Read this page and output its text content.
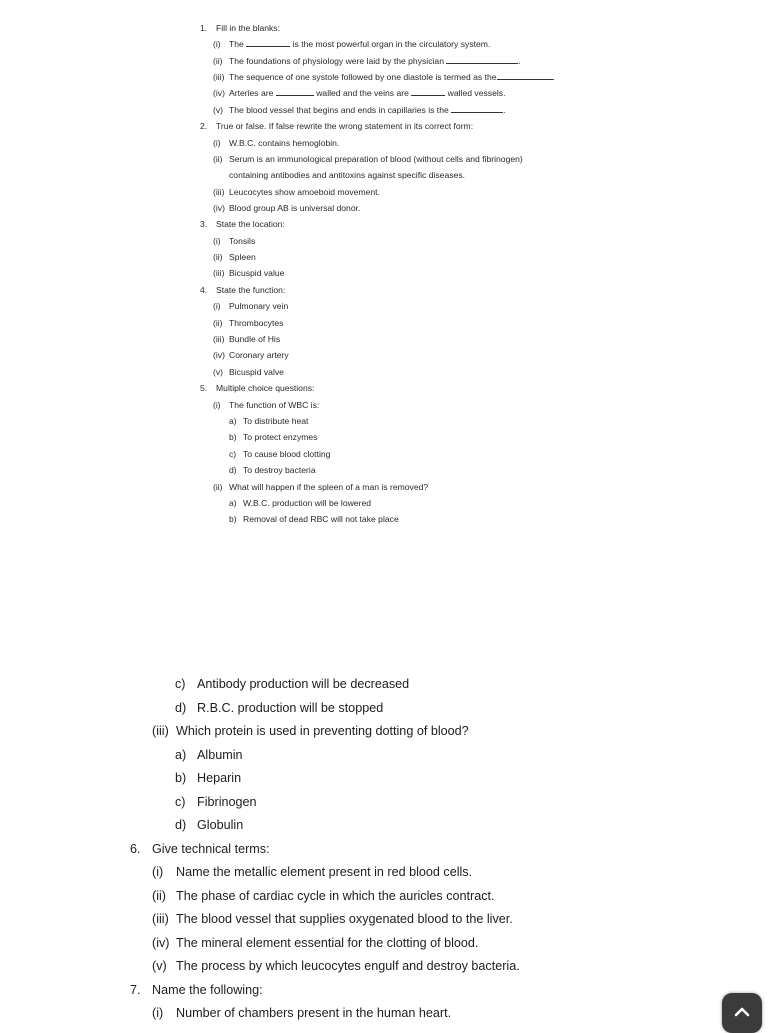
1. Fill in the blanks:
(i) The	is the most powerful organ in the circulatory system.
(ii) The foundations of physiology were laid by the physician	.
(iii) The sequence of one systole followed by one diastole is termed as the	.
(iv) Arteries are	walled and the veins are	walled vessels.
(v) The blood vessel that begins and ends in capillaries is the	.
2. True or false. If false rewrite the wrong statement in its correct form:
(i) W.B.C. contains hemoglobin.
(ii) Serum is an immunological preparation of blood (without cells and fibrinogen)
containing antibodies and antitoxins against specific diseases.
(iii) Leucocytes show amoeboid movement.
(iv) Blood group AB is universal donor.
3. State the location:
(i) Tonsils
(ii) Spleen
(iii) Bicuspid value
4. State the function:
(i) Pulmonary vein
(ii) Thrombocytes
(iii) Bundle of His
(iv) Coronary artery
(v) Bicuspid valve
5. Multiple choice questions:
(i) The function of WBC is:
a) To distribute heat
b) To protect enzymes
c) To cause blood clotting
d) To destroy bacteria
(ii) What will happen if the spleen of a man is removed?
a) W.B.C. production will be lowered
b) Removal of dead RBC will not take place
c) Antibody production will be decreased
d) R.B.C. production will be stopped
(iii) Which protein is used in preventing dotting of blood?
a) Albumin
b) Heparin
c) Fibrinogen
d) Globulin
6. Give technical terms:
(i) Name the metallic element present in red blood cells.
(ii) The phase of cardiac cycle in which the auricles contract.
(iii) The blood vessel that supplies oxygenated blood to the liver.
(iv) The mineral element essential for the clotting of blood.
(v) The process by which leucocytes engulf and destroy bacteria.
7. Name the following:
(i) Number of chambers present in the human heart.
